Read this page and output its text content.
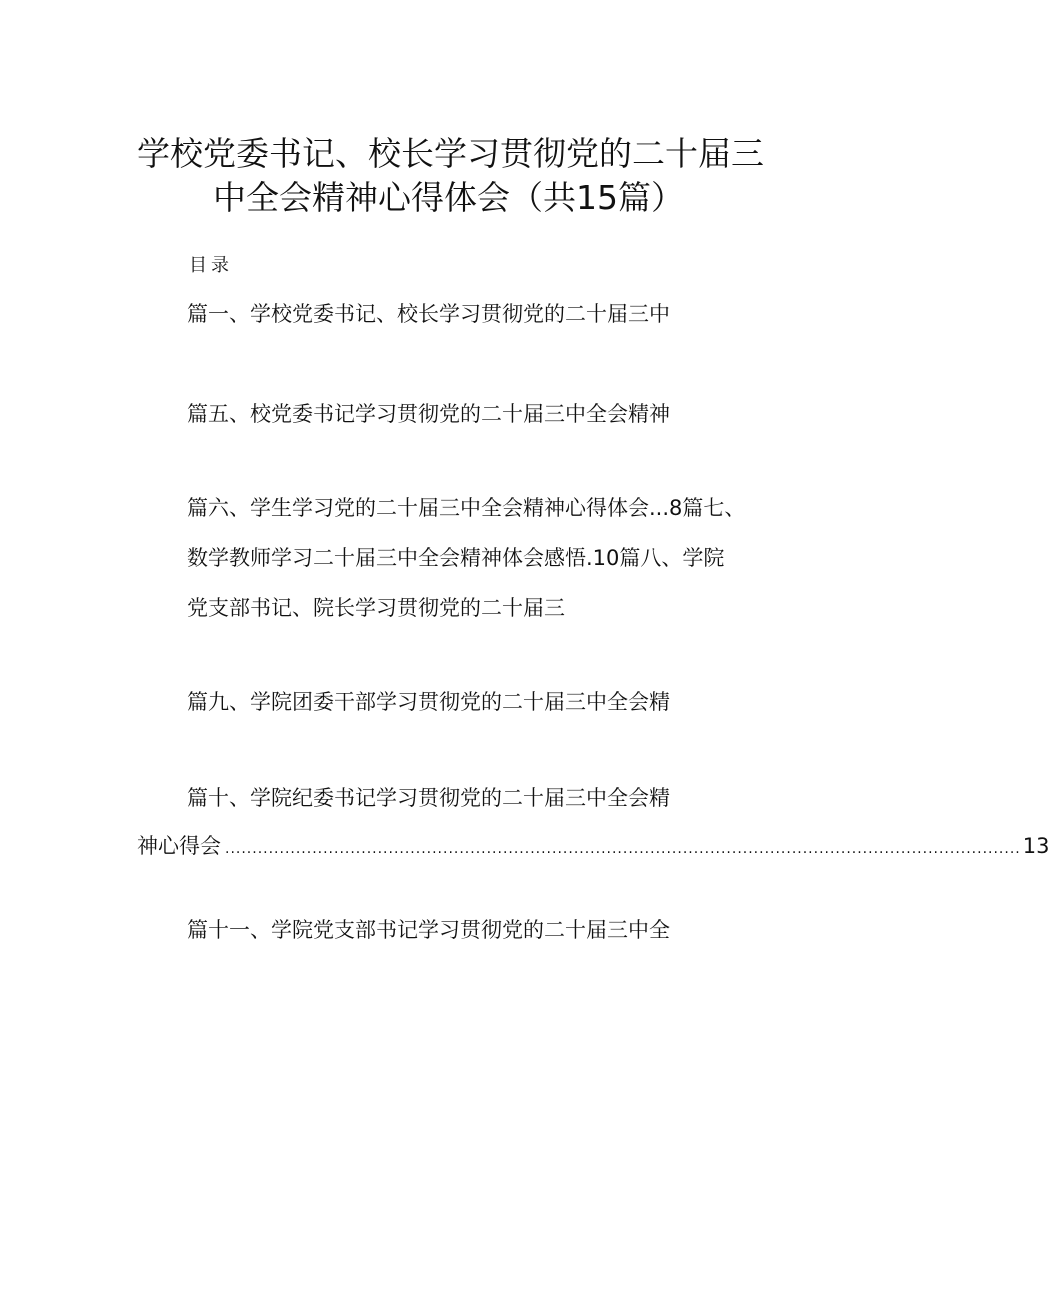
学校党委书记、校长学习贯彻党的二十届三
中全会精神心得体会（共15篇）
目录
篇一、学校党委书记、校长学习贯彻党的二十届三中
篇五、校党委书记学习贯彻党的二十届三中全会精神
篇六、学生学习党的二十届三中全会精神心得体会...8篇七、
数学教师学习二十届三中全会精神体会感悟.10篇八、学院
党支部书记、院长学习贯彻党的二十届三
篇九、学院团委干部学习贯彻党的二十届三中全会精
篇十、学院纪委书记学习贯彻党的二十届三中全会精
神心得会 .................................................................................................................................................. 13
篇十一、学院党支部书记学习贯彻党的二十届三中全
